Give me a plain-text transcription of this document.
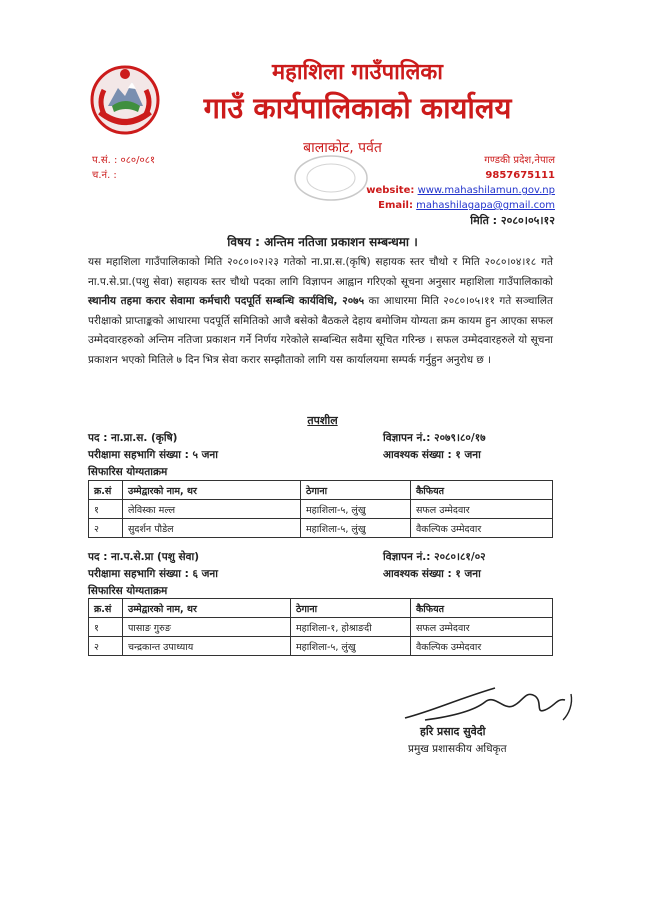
महाशिला गाउँपालिका
गाउँ कार्यपालिकाको कार्यालय
बालाकोट, पर्वत
प.सं. : ०८०/०८१
च.नं. :
गण्डकी प्रदेश,नेपाल
9857675111
website: www.mahashilamun.gov.np
Email: mahashilagapa@gmail.com
मिति : २०८०।०५।१२
विषय : अन्तिम नतिजा प्रकाशन सम्बन्धमा ।
यस महाशिला गाउँपालिकाको मिति २०८०।०२।२३ गतेको ना.प्रा.स.(कृषि) सहायक स्तर चौथो र मिति २०८०।०४।१८ गते ना.प.से.प्रा.(पशु सेवा) सहायक स्तर चौथो पदका लागि विज्ञापन आह्वान गरिएको सूचना अनुसार महाशिला गाउँपालिकाको स्थानीय तहमा करार सेवामा कर्मचारी पदपूर्ति सम्बन्धि कार्यविधि, २०७५ का आधारमा मिति २०८०।०५।११ गते सञ्चालित परीक्षाको प्राप्ताङ्कको आधारमा पदपूर्ति समितिको आजै बसेको बैठकले देहाय बमोजिम योग्यता क्रम कायम हुन आएका सफल उम्मेदवारहरुको अन्तिम नतिजा प्रकाशन गर्ने निर्णय गरेकोले सम्बन्धित सवैमा सूचित गरिन्छ । सफल उम्मेदवारहरुले यो सूचना प्रकाशन भएको मितिले ७ दिन भित्र सेवा करार सम्झौताको लागि यस कार्यालयमा सम्पर्क गर्नुहुन अनुरोध छ ।
तपशील
पद : ना.प्रा.स. (कृषि)	विज्ञापन नं.: २०७९।८०/१७
परीक्षामा सहभागि संख्या : ५ जना	आवश्यक संख्या : १ जना
सिफारिस योग्यताक्रम
क्र.सं	उम्मेद्वारको नाम, थर	ठेगाना	कैफियत
१	लेविस्का मल्ल	महाशिला-५, लुंखु	सफल उम्मेदवार
२	सुदर्शन पौडेल	महाशिला-५, लुंखु	वैकल्पिक उम्मेदवार
पद : ना.प.से.प्रा (पशु सेवा)	विज्ञापन नं.: २०८०।८१/०२
परीक्षामा सहभागि संख्या : ६ जना	आवश्यक संख्या : १ जना
सिफारिस योग्यताक्रम
क्र.सं	उम्मेद्वारको नाम, थर	ठेगाना	कैफियत
१	पासाङ गुरुङ	महाशिला-१, होश्राङदी	सफल उम्मेदवार
२	चन्द्रकान्त उपाध्याय	महाशिला-५, लुंखु	वैकल्पिक उम्मेदवार
हरि प्रसाद सुवेदी
प्रमुख प्रशासकीय अधिकृत
